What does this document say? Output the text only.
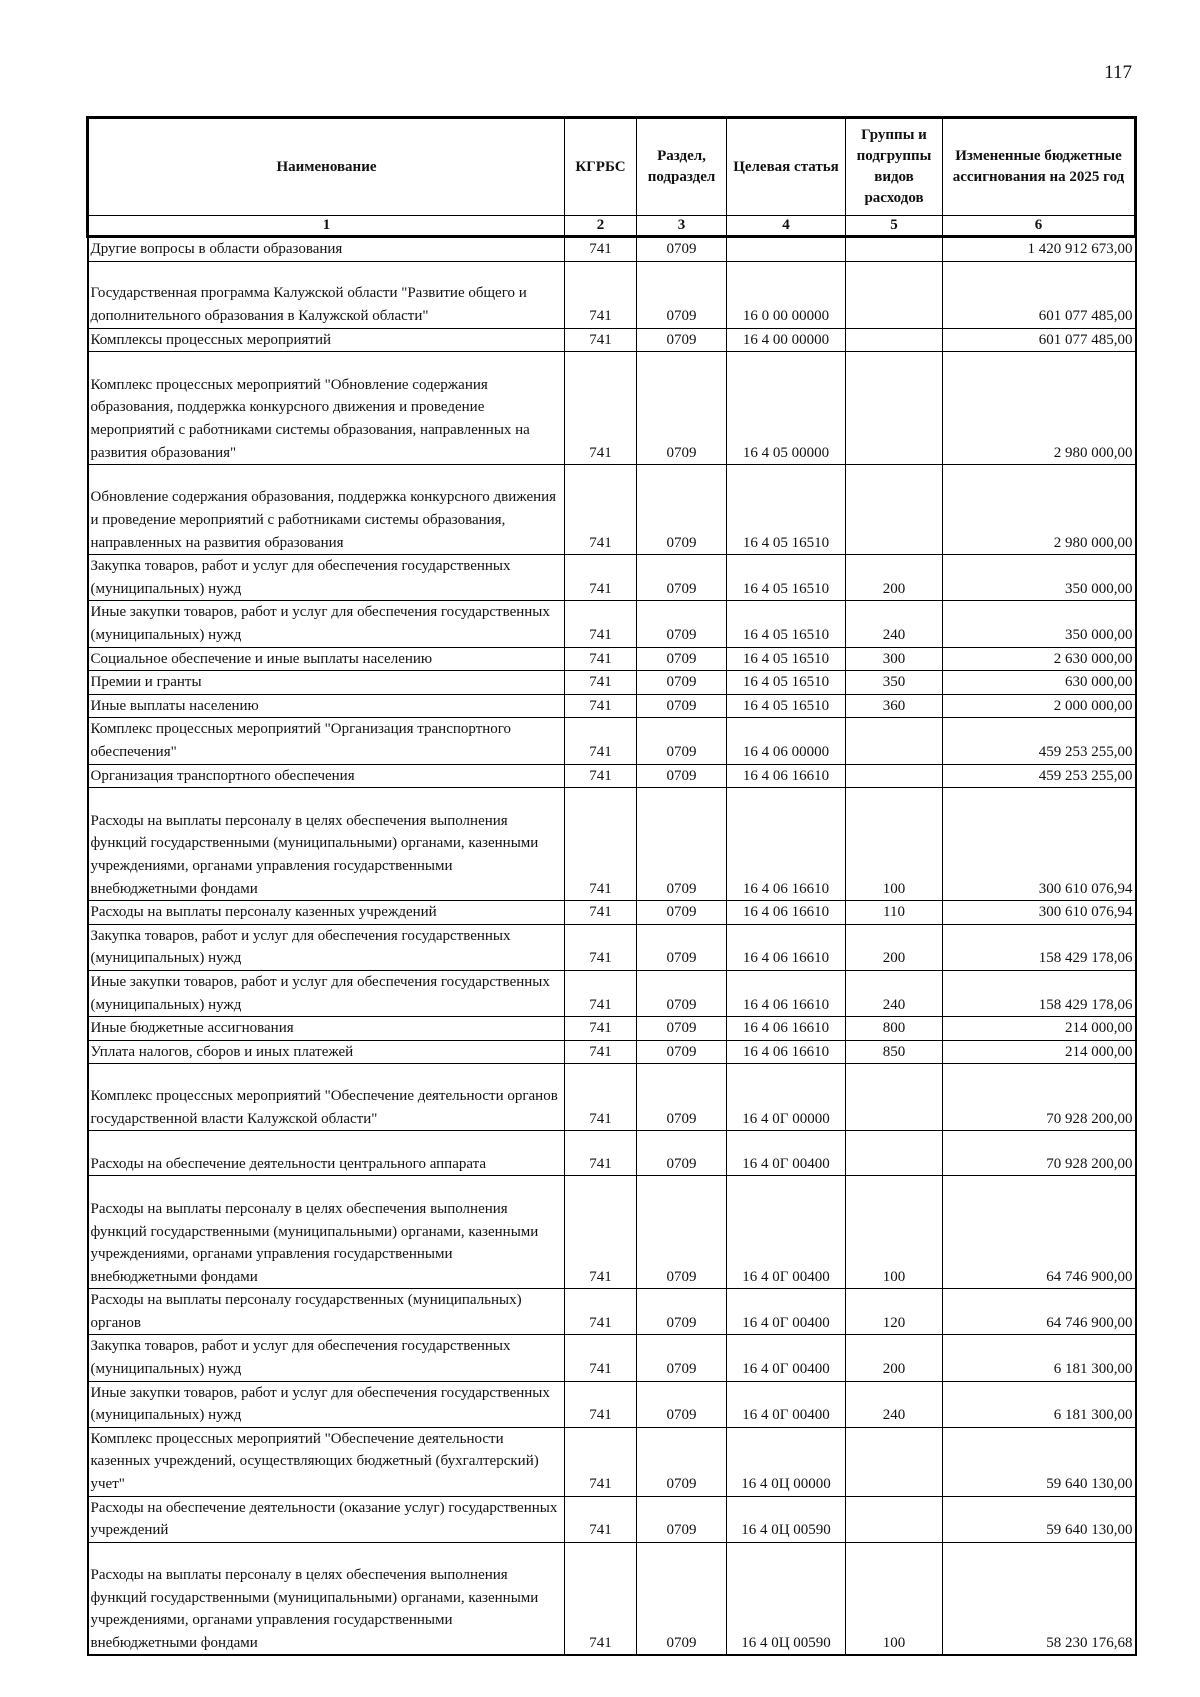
117
Наименование	КГРБС	Раздел, подраздел	Целевая статья	Группы и подгруппы видов расходов	Измененные бюджетные ассигнования на 2025 год
1	2	3	4	5	6
Другие вопросы в области образования	741	0709			1 420 912 673,00
Государственная программа Калужской области "Развитие общего и дополнительного образования в Калужской области"	741	0709	16 0 00 00000		601 077 485,00
Комплексы процессных мероприятий	741	0709	16 4 00 00000		601 077 485,00
Комплекс процессных мероприятий "Обновление содержания образования, поддержка конкурсного движения и проведение мероприятий с работниками системы образования, направленных на развития образования"	741	0709	16 4 05 00000		2 980 000,00
Обновление содержания образования, поддержка конкурсного движения и проведение мероприятий с работниками системы образования, направленных на развития образования	741	0709	16 4 05 16510		2 980 000,00
Закупка товаров, работ и услуг для обеспечения государственных (муниципальных) нужд	741	0709	16 4 05 16510	200	350 000,00
Иные закупки товаров, работ и услуг для обеспечения государственных (муниципальных) нужд	741	0709	16 4 05 16510	240	350 000,00
Социальное обеспечение и иные выплаты населению	741	0709	16 4 05 16510	300	2 630 000,00
Премии и гранты	741	0709	16 4 05 16510	350	630 000,00
Иные выплаты населению	741	0709	16 4 05 16510	360	2 000 000,00
Комплекс процессных мероприятий "Организация транспортного обеспечения"	741	0709	16 4 06 00000		459 253 255,00
Организация транспортного обеспечения	741	0709	16 4 06 16610		459 253 255,00
Расходы на выплаты персоналу в целях обеспечения выполнения функций государственными (муниципальными) органами, казенными учреждениями, органами управления государственными внебюджетными фондами	741	0709	16 4 06 16610	100	300 610 076,94
Расходы на выплаты персоналу казенных учреждений	741	0709	16 4 06 16610	110	300 610 076,94
Закупка товаров, работ и услуг для обеспечения государственных (муниципальных) нужд	741	0709	16 4 06 16610	200	158 429 178,06
Иные закупки товаров, работ и услуг для обеспечения государственных (муниципальных) нужд	741	0709	16 4 06 16610	240	158 429 178,06
Иные бюджетные ассигнования	741	0709	16 4 06 16610	800	214 000,00
Уплата налогов, сборов и иных платежей	741	0709	16 4 06 16610	850	214 000,00
Комплекс процессных мероприятий "Обеспечение деятельности органов государственной власти Калужской области"	741	0709	16 4 0Г 00000		70 928 200,00
Расходы на обеспечение деятельности центрального аппарата	741	0709	16 4 0Г 00400		70 928 200,00
Расходы на выплаты персоналу в целях обеспечения выполнения функций государственными (муниципальными) органами, казенными учреждениями, органами управления государственными внебюджетными фондами	741	0709	16 4 0Г 00400	100	64 746 900,00
Расходы на выплаты персоналу государственных (муниципальных) органов	741	0709	16 4 0Г 00400	120	64 746 900,00
Закупка товаров, работ и услуг для обеспечения государственных (муниципальных) нужд	741	0709	16 4 0Г 00400	200	6 181 300,00
Иные закупки товаров, работ и услуг для обеспечения государственных (муниципальных) нужд	741	0709	16 4 0Г 00400	240	6 181 300,00
Комплекс процессных мероприятий "Обеспечение деятельности казенных учреждений, осуществляющих бюджетный (бухгалтерский) учет"	741	0709	16 4 0Ц 00000		59 640 130,00
Расходы на обеспечение деятельности (оказание услуг) государственных учреждений	741	0709	16 4 0Ц 00590		59 640 130,00
Расходы на выплаты персоналу в целях обеспечения выполнения функций государственными (муниципальными) органами, казенными учреждениями, органами управления государственными внебюджетными фондами	741	0709	16 4 0Ц 00590	100	58 230 176,68
